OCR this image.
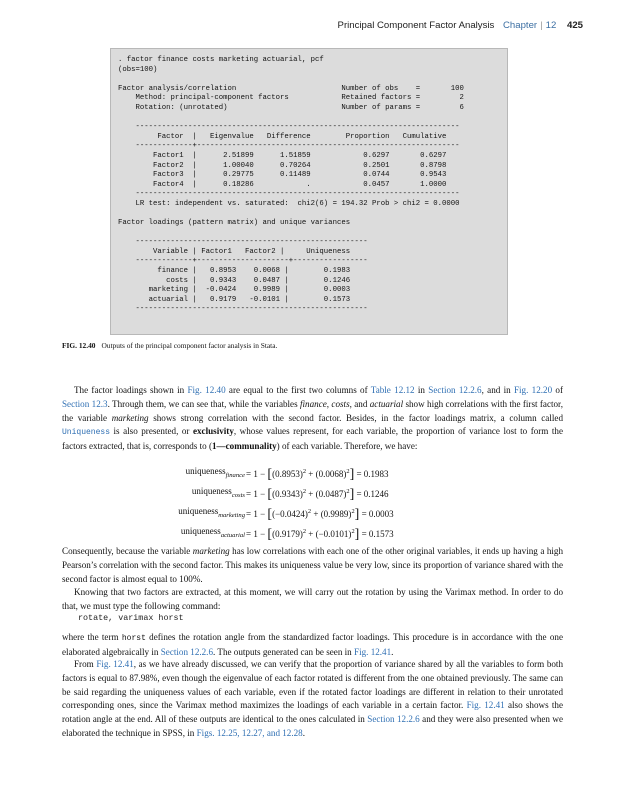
Principal Component Factor Analysis Chapter | 12 425
. factor finance costs marketing actuarial, pcf
(obs=100)

Factor analysis/correlation                        Number of obs    =       100
Method: principal-component factors            Retained factors =         2
Rotation: (unrotated)                          Number of params =         6

--------------------------------------------------------------------------
Factor  |   Eigenvalue   Difference        Proportion   Cumulative
-------------+------------------------------------------------------------
Factor1  |      2.51899      1.51859            0.6297       0.6297
Factor2  |      1.00040      0.70264            0.2501       0.8798
Factor3  |      0.29775      0.11489            0.0744       0.9543
Factor4  |      0.18286            .            0.0457       1.0000
--------------------------------------------------------------------------
LR test: independent vs. saturated:  chi2(6) = 194.32 Prob > chi2 = 0.0000

Factor loadings (pattern matrix) and unique variances

-----------------------------------------------------
Variable | Factor1   Factor2 |     Uniqueness
-------------+---------------------+-----------------
finance |   0.8953    0.0068 |        0.1983
costs |   0.9343    0.0487 |        0.1246
marketing |  -0.0424    0.9989 |        0.0003
actuarial |   0.9179   -0.0101 |        0.1573
-----------------------------------------------------

FIG. 12.40 Outputs of the principal component factor analysis in Stata.
The factor loadings shown in Fig. 12.40 are equal to the first two columns of Table 12.12 in Section 12.2.6, and in Fig. 12.20 of Section 12.3. Through them, we can see that, while the variables finance, costs, and actuarial show high correlations with the first factor, the variable marketing shows strong correlation with the second factor. Besides, in the factor loadings matrix, a column called Uniqueness is also presented, or exclusivity, whose values represent, for each variable, the proportion of variance lost to form the factors extracted, that is, corresponds to (1—communality) of each variable. Therefore, we have:
uniqueness$_{finance}$ = $1 - [(0.8953)^2 + (0.0068)^2] = 0.1983$
uniqueness$_{costs}$ = $1 - [(0.9343)^2 + (0.0487)^2] = 0.1246$
uniqueness$_{marketing}$ = $1 - [(-0.0424)^2 + (0.9989)^2] = 0.0003$
uniqueness$_{actuarial}$ = $1 - [(0.9179)^2 + (-0.0101)^2] = 0.1573$
Consequently, because the variable marketing has low correlations with each one of the other original variables, it ends up having a high Pearson’s correlation with the second factor. This makes its uniqueness value be very low, since its proportion of variance shared with the second factor is almost equal to 100%.
Knowing that two factors are extracted, at this moment, we will carry out the rotation by using the Varimax method. In order to do that, we must type the following command:
rotate, varimax horst
where the term horst defines the rotation angle from the standardized factor loadings. This procedure is in accordance with the one elaborated algebraically in Section 12.2.6. The outputs generated can be seen in Fig. 12.41.
From Fig. 12.41, as we have already discussed, we can verify that the proportion of variance shared by all the variables to form both factors is equal to 87.98%, even though the eigenvalue of each factor rotated is different from the one obtained previously. The same can be said regarding the uniqueness values of each variable, even if the rotated factor loadings are different in relation to their unrotated corresponding ones, since the Varimax method maximizes the loadings of each variable in a certain factor. Fig. 12.41 also shows the rotation angle at the end. All of these outputs are identical to the ones calculated in Section 12.2.6 and they were also presented when we elaborated the technique in SPSS, in Figs. 12.25, 12.27, and 12.28.
